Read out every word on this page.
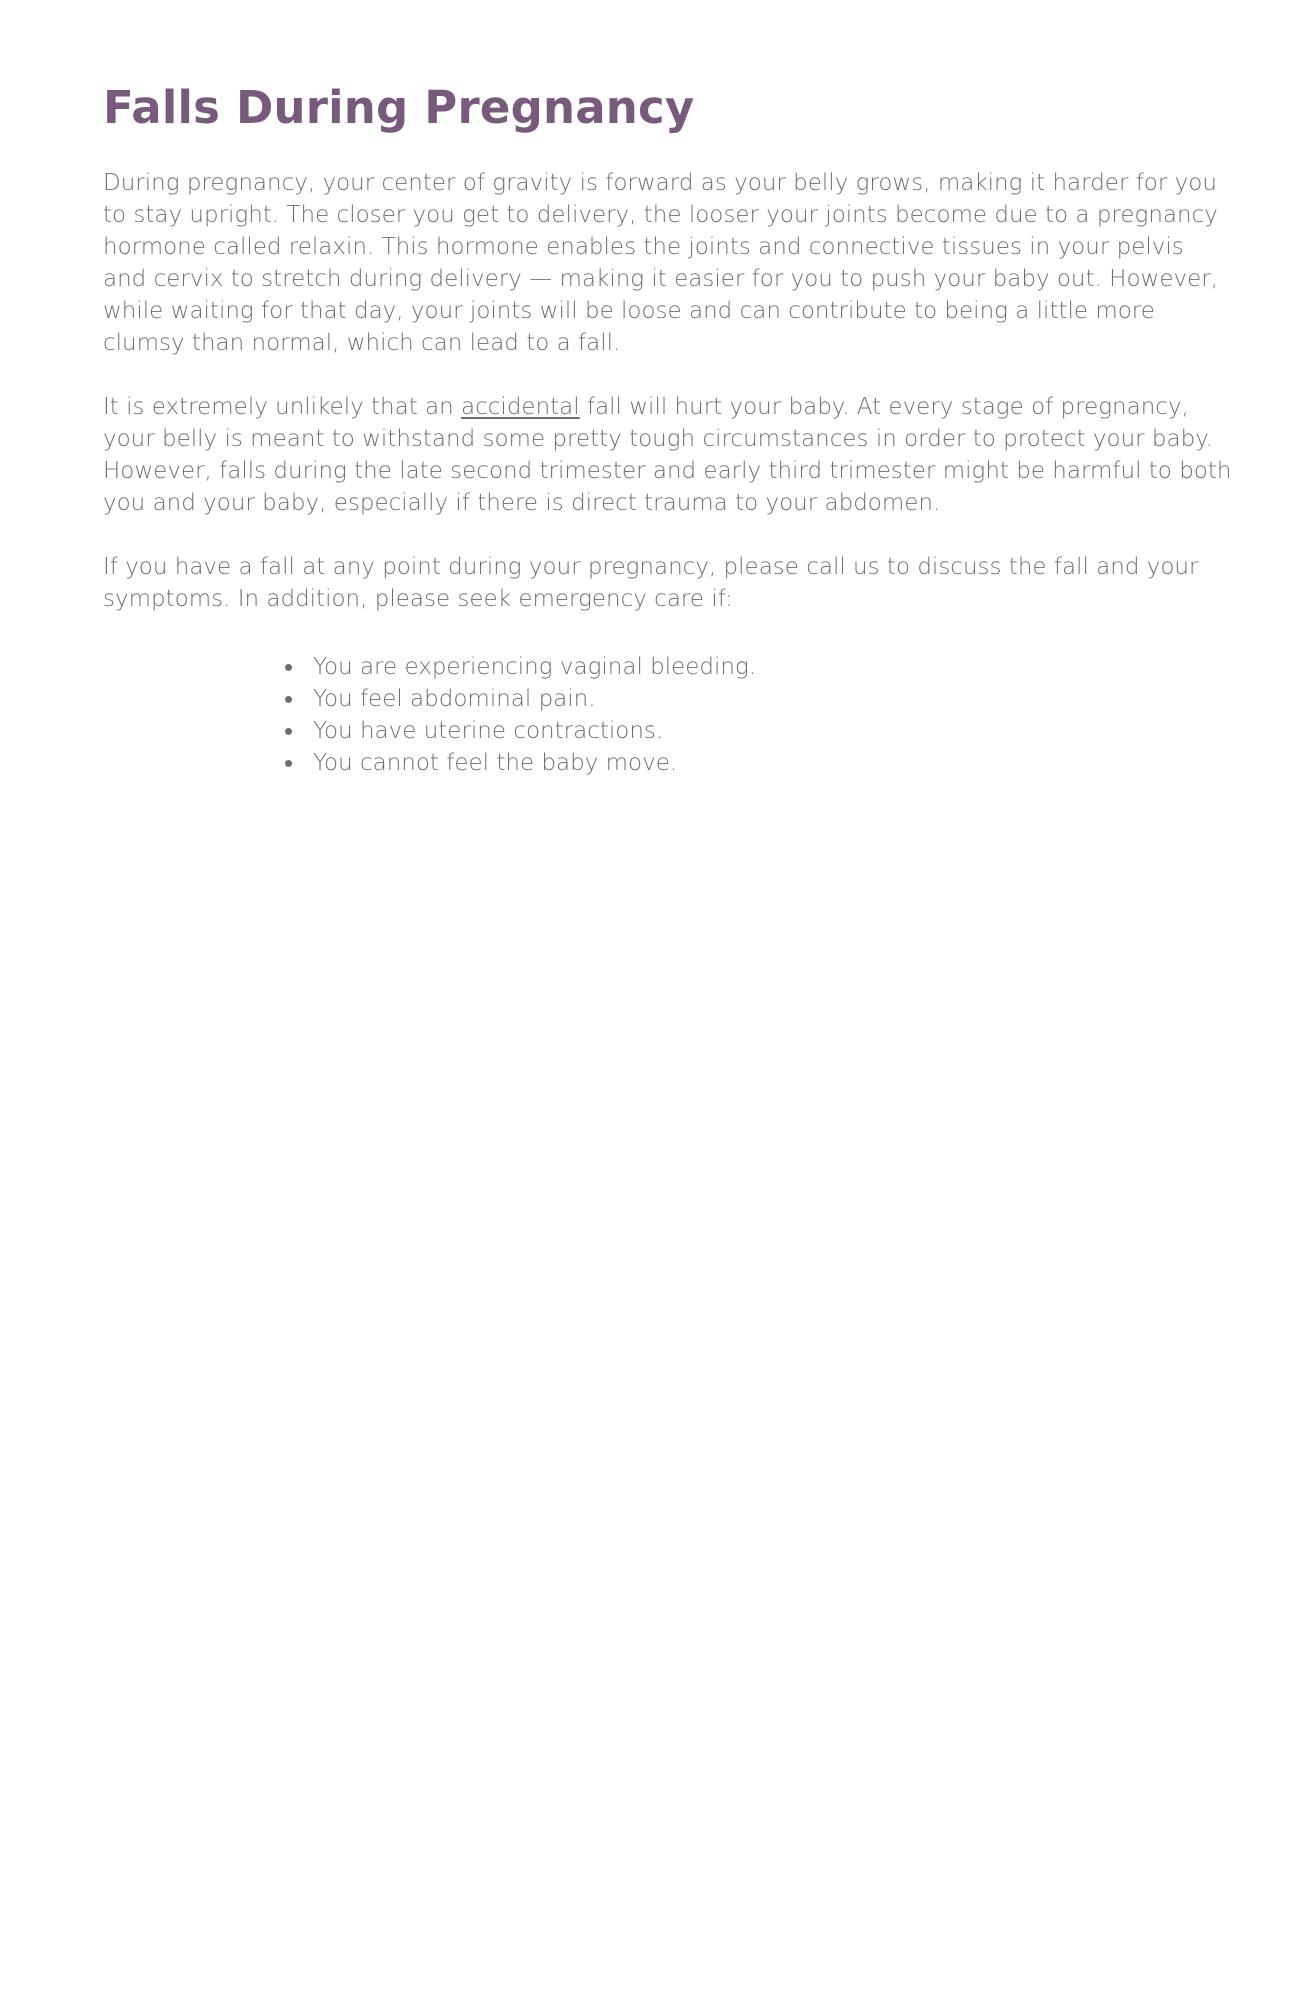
Falls During Pregnancy

During pregnancy, your center of gravity is forward as your belly grows, making it harder for you to stay upright. The closer you get to delivery, the looser your joints become due to a pregnancy hormone called relaxin. This hormone enables the joints and connective tissues in your pelvis and cervix to stretch during delivery — making it easier for you to push your baby out. However, while waiting for that day, your joints will be loose and can contribute to being a little more clumsy than normal, which can lead to a fall.

It is extremely unlikely that an accidental fall will hurt your baby. At every stage of pregnancy, your belly is meant to withstand some pretty tough circumstances in order to protect your baby. However, falls during the late second trimester and early third trimester might be harmful to both you and your baby, especially if there is direct trauma to your abdomen.

If you have a fall at any point during your pregnancy, please call us to discuss the fall and your symptoms. In addition, please seek emergency care if:

You are experiencing vaginal bleeding.
You feel abdominal pain.
You have uterine contractions.
You cannot feel the baby move.
